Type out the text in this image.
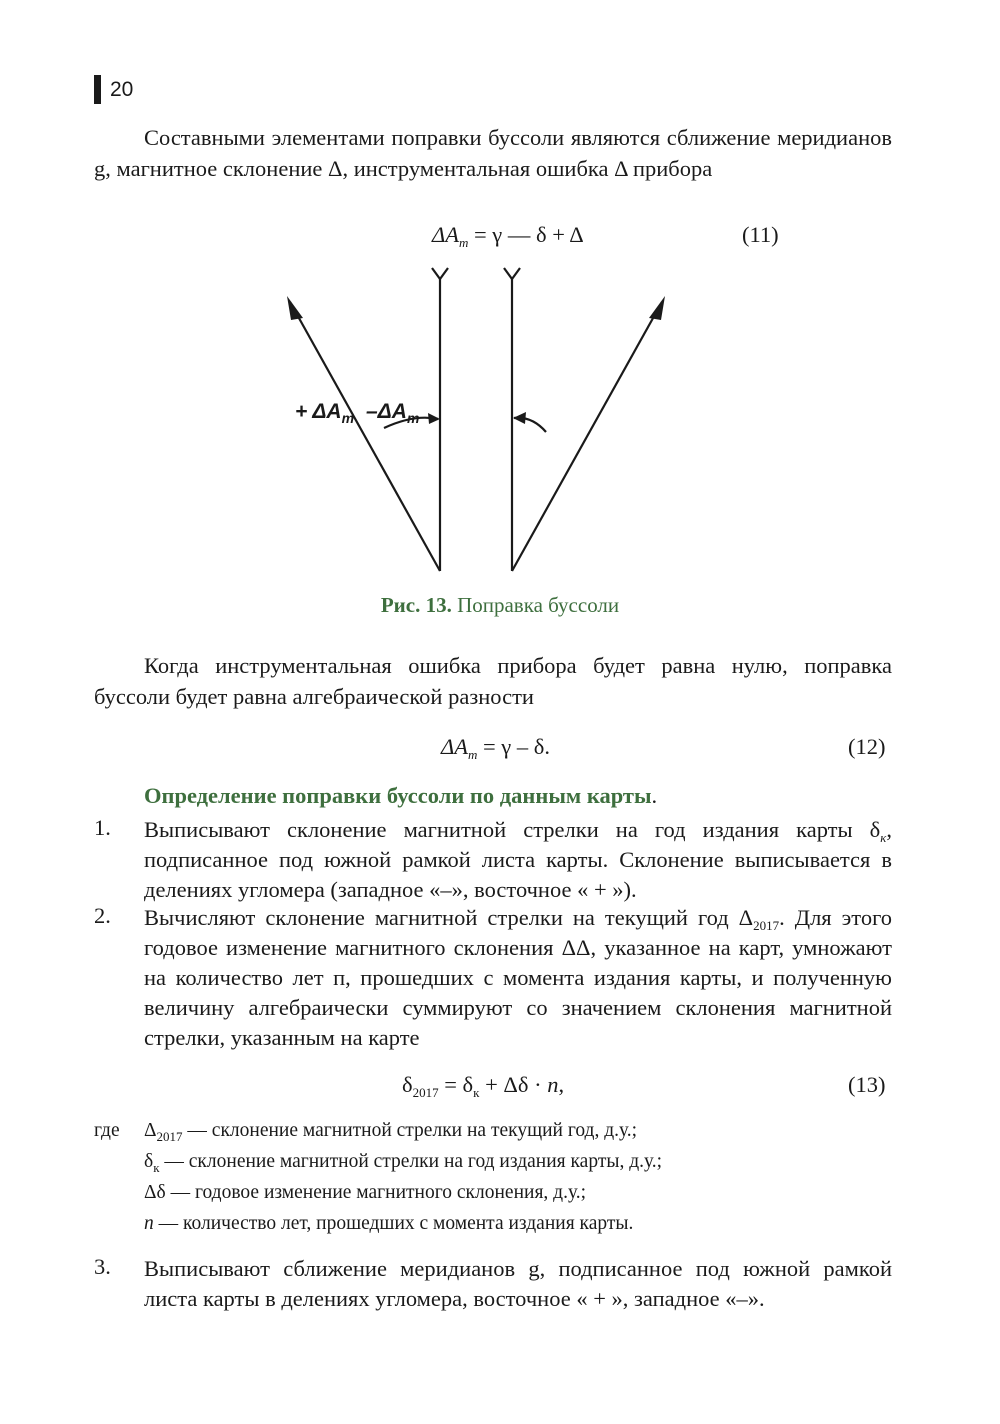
20
Составными элементами поправки буссоли являются сближение меридианов g, магнитное склонение Δ, инструментальная ошибка Δ прибора
$\Delta A_m = \gamma$ — δ + Δ	(11)
+ $\Delta A_m$ $-\Delta A_m$
Рис. 13. Поправка буссоли
Когда инструментальная ошибка прибора будет равна нулю, поправка буссоли будет равна алгебраической разности
$\Delta A_m = \gamma - \delta$.	(12)
Определение поправки буссоли по данным карты.
1. Выписывают склонение магнитной стрелки на год издания карты $\delta_к$, подписанное под южной рамкой листа карты. Склонение выписывается в делениях угломера (западное «–», восточное « + »).
2. Вычисляют склонение магнитной стрелки на текущий год $\Delta_{2017}$. Для этого годовое изменение магнитного склонения ΔΔ, указанное на карт, умножают на количество лет п, прошедших с момента издания карты, и полученную величину алгебраически суммируют со значением склонения магнитной стрелки, указанным на карте
$\delta_{2017} = \delta_к + \Delta\delta \cdot n$,	(13)
где $\Delta_{2017}$ — склонение магнитной стрелки на текущий год, д.у.;
$\delta_к$ — склонение магнитной стрелки на год издания карты, д.у.;
Δδ — годовое изменение магнитного склонения, д.у.;
n — количество лет, прошедших с момента издания карты.
3. Выписывают сближение меридианов g, подписанное под южной рамкой листа карты в делениях угломера, восточное « + », западное «–».
